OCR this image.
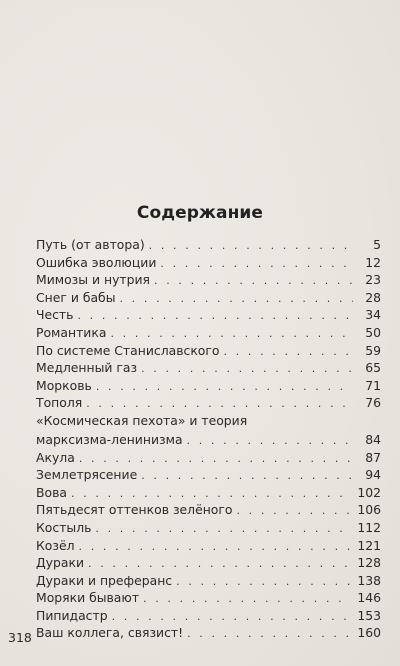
Содержание
Путь (от автора) . . .	5
Ошибка эволюции . . .	12
Мимозы и нутрия . . .	23
Снег и бабы . . .	28
Честь . . .	34
Романтика . . .	50
По системе Станиславского . . .	59
Медленный газ . . .	65
Морковь . . .	71
Тополя . . .	76
«Космическая пехота» и теория
марксизма-ленинизма . . .	84
Акула . . .	87
Землетрясение . . .	94
Вова . . .	102
Пятьдесят оттенков зелёного . . .	106
Костыль . . .	112
Козёл . . .	121
Дураки . . .	128
Дураки и преферанс . . .	138
Моряки бывают . . .	146
Пипидастр . . .	153
Ваш коллега, связист! . . .	160
318
